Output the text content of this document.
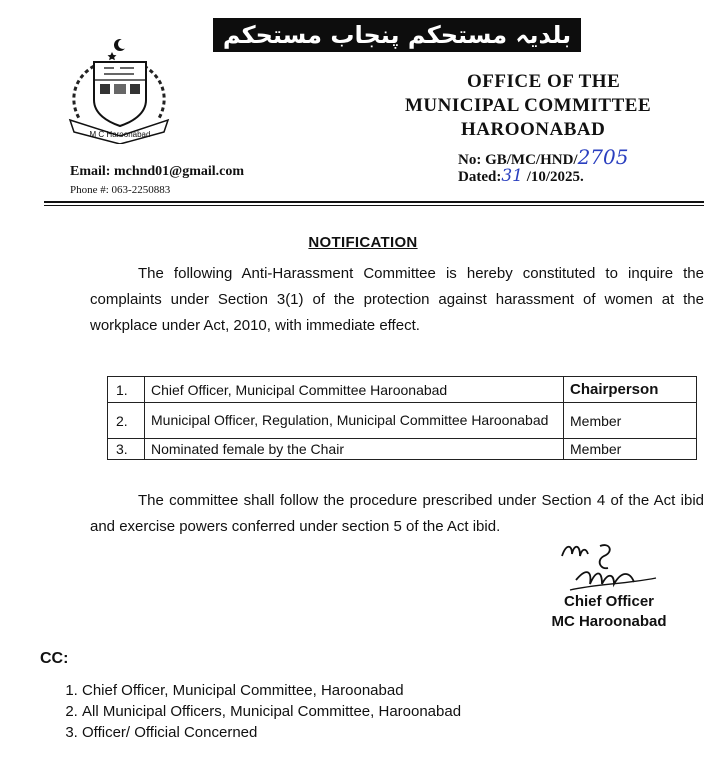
بلدیہ مستحکم پنجاب مستحکم
M C Haroonabad
OFFICE OF THE
MUNICIPAL COMMITTEE
HAROONABAD
No: GB/MC/HND/2705
Dated:31 /10/2025.
Email: mchnd01@gmail.com
Phone #: 063-2250883
NOTIFICATION
The following Anti-Harassment Committee is hereby constituted to inquire the complaints under Section 3(1) of the protection against harassment of women at the workplace under Act, 2010, with immediate effect.
1.	Chief Officer, Municipal Committee Haroonabad	Chairperson
2.	Municipal Officer, Regulation, Municipal Committee Haroonabad	Member
3.	Nominated female by the Chair	Member
The committee shall follow the procedure prescribed under Section 4 of the Act ibid and exercise powers conferred under section 5 of the Act ibid.
Chief Officer
MC Haroonabad
CC:
1. Chief Officer, Municipal Committee, Haroonabad
2. All Municipal Officers, Municipal Committee, Haroonabad
3. Officer/ Official Concerned
